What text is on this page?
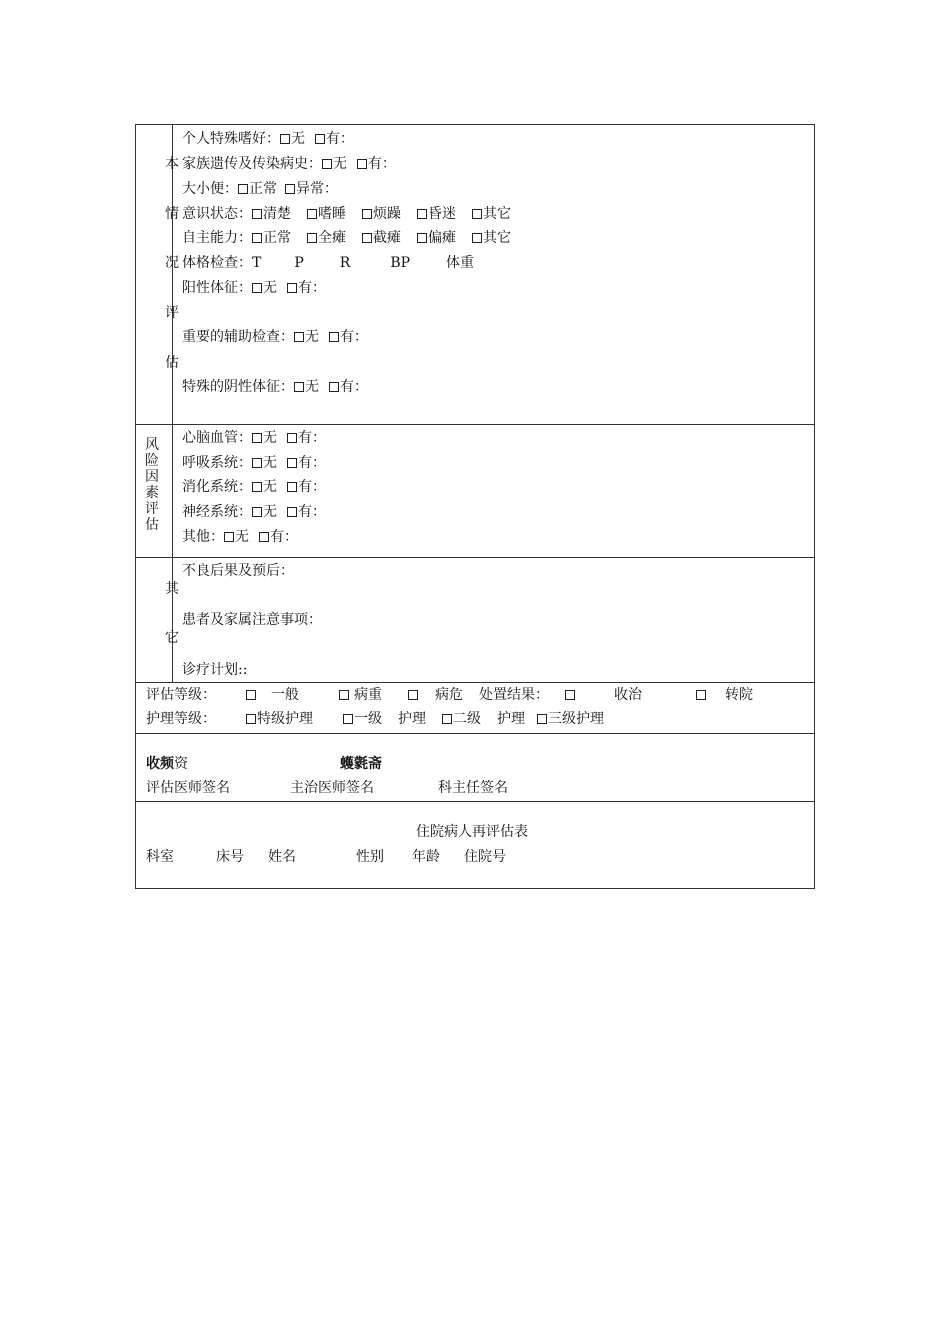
本
情
况
评
估
个人特殊嗜好： 无 有：
家族遗传及传染病史： 无 有：
大小便： 正常 异常：
意识状态： 清楚 嗜睡 烦躁 昏迷 其它
自主能力： 正常 全瘫 截瘫 偏瘫 其它
体格检查：T P	R	BP	体重
阳性体征： 无 有：
重要的辅助检查： 无 有：
特殊的阴性体征： 无 有：
风
险
因
素
评
估
心脑血管： 无 有：
呼吸系统： 无 有：
消化系统： 无 有：
神经系统： 无 有：
其他： 无 有：
其
它
不良后果及预后：
患者及家属注意事项：
诊疗计划::
评估等级：	一般	病重	病危 处置结果：	收治	转院
护理等级：	特级护理	一级 护理 二级 护理 三级护理
收频资	蠖氋斋
评估医师签名	主治医师签名	科主任签名
住院病人再评估表
科室	床号 姓名	性别 年龄 住院号
